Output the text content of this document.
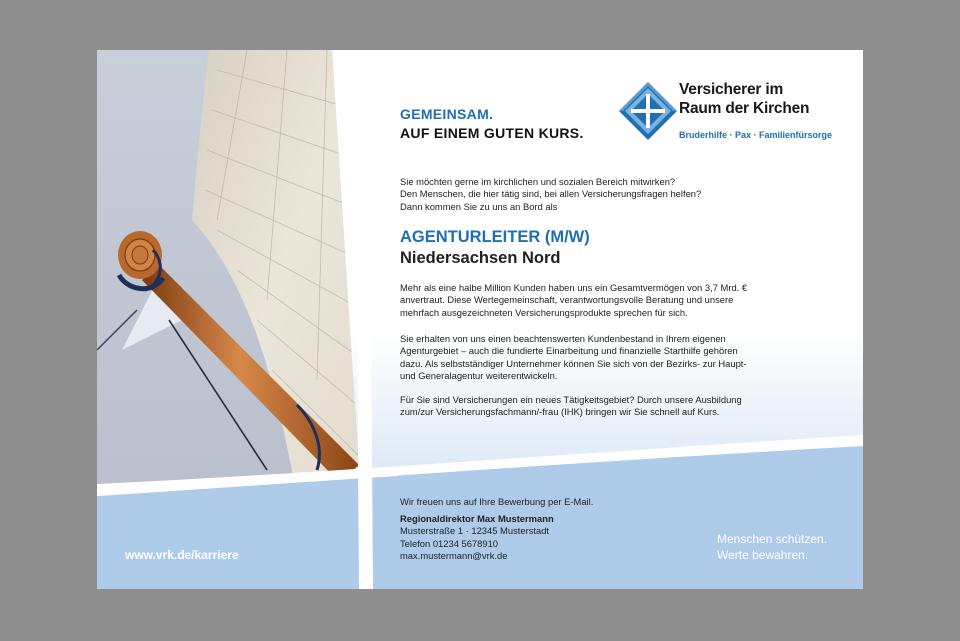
Versicherer im
Raum der Kirchen
Bruderhilfe · Pax · Familienfürsorge
GEMEINSAM.
AUF EINEM GUTEN KURS.
Sie möchten gerne im kirchlichen und sozialen Bereich mitwirken?
Den Menschen, die hier tätig sind, bei allen Versicherungsfragen helfen?
Dann kommen Sie zu uns an Bord als
AGENTURLEITER (M/W)
Niedersachsen Nord
Mehr als eine halbe Million Kunden haben uns ein Gesamtvermögen von 3,7 Mrd. €
anvertraut. Diese Wertegemeinschaft, verantwortungsvolle Beratung und unsere
mehrfach ausgezeichneten Versicherungsprodukte sprechen für sich.
Sie erhalten von uns einen beachtenswerten Kundenbestand in Ihrem eigenen
Agenturgebiet – auch die fundierte Einarbeitung und finanzielle Starthilfe gehören
dazu. Als selbstständiger Unternehmer können Sie sich von der Bezirks- zur Haupt-
und Generalagentur weiterentwickeln.
Für Sie sind Versicherungen ein neues Tätigkeitsgebiet? Durch unsere Ausbildung
zum/zur Versicherungsfachmann/-frau (IHK) bringen wir Sie schnell auf Kurs.
Wir freuen uns auf Ihre Bewerbung per E-Mail.
Regionaldirektor Max Mustermann
Musterstraße 1 · 12345 Musterstadt
Telefon 01234 5678910
max.mustermann@vrk.de
www.vrk.de/karriere
Menschen schützen.
Werte bewahren.
